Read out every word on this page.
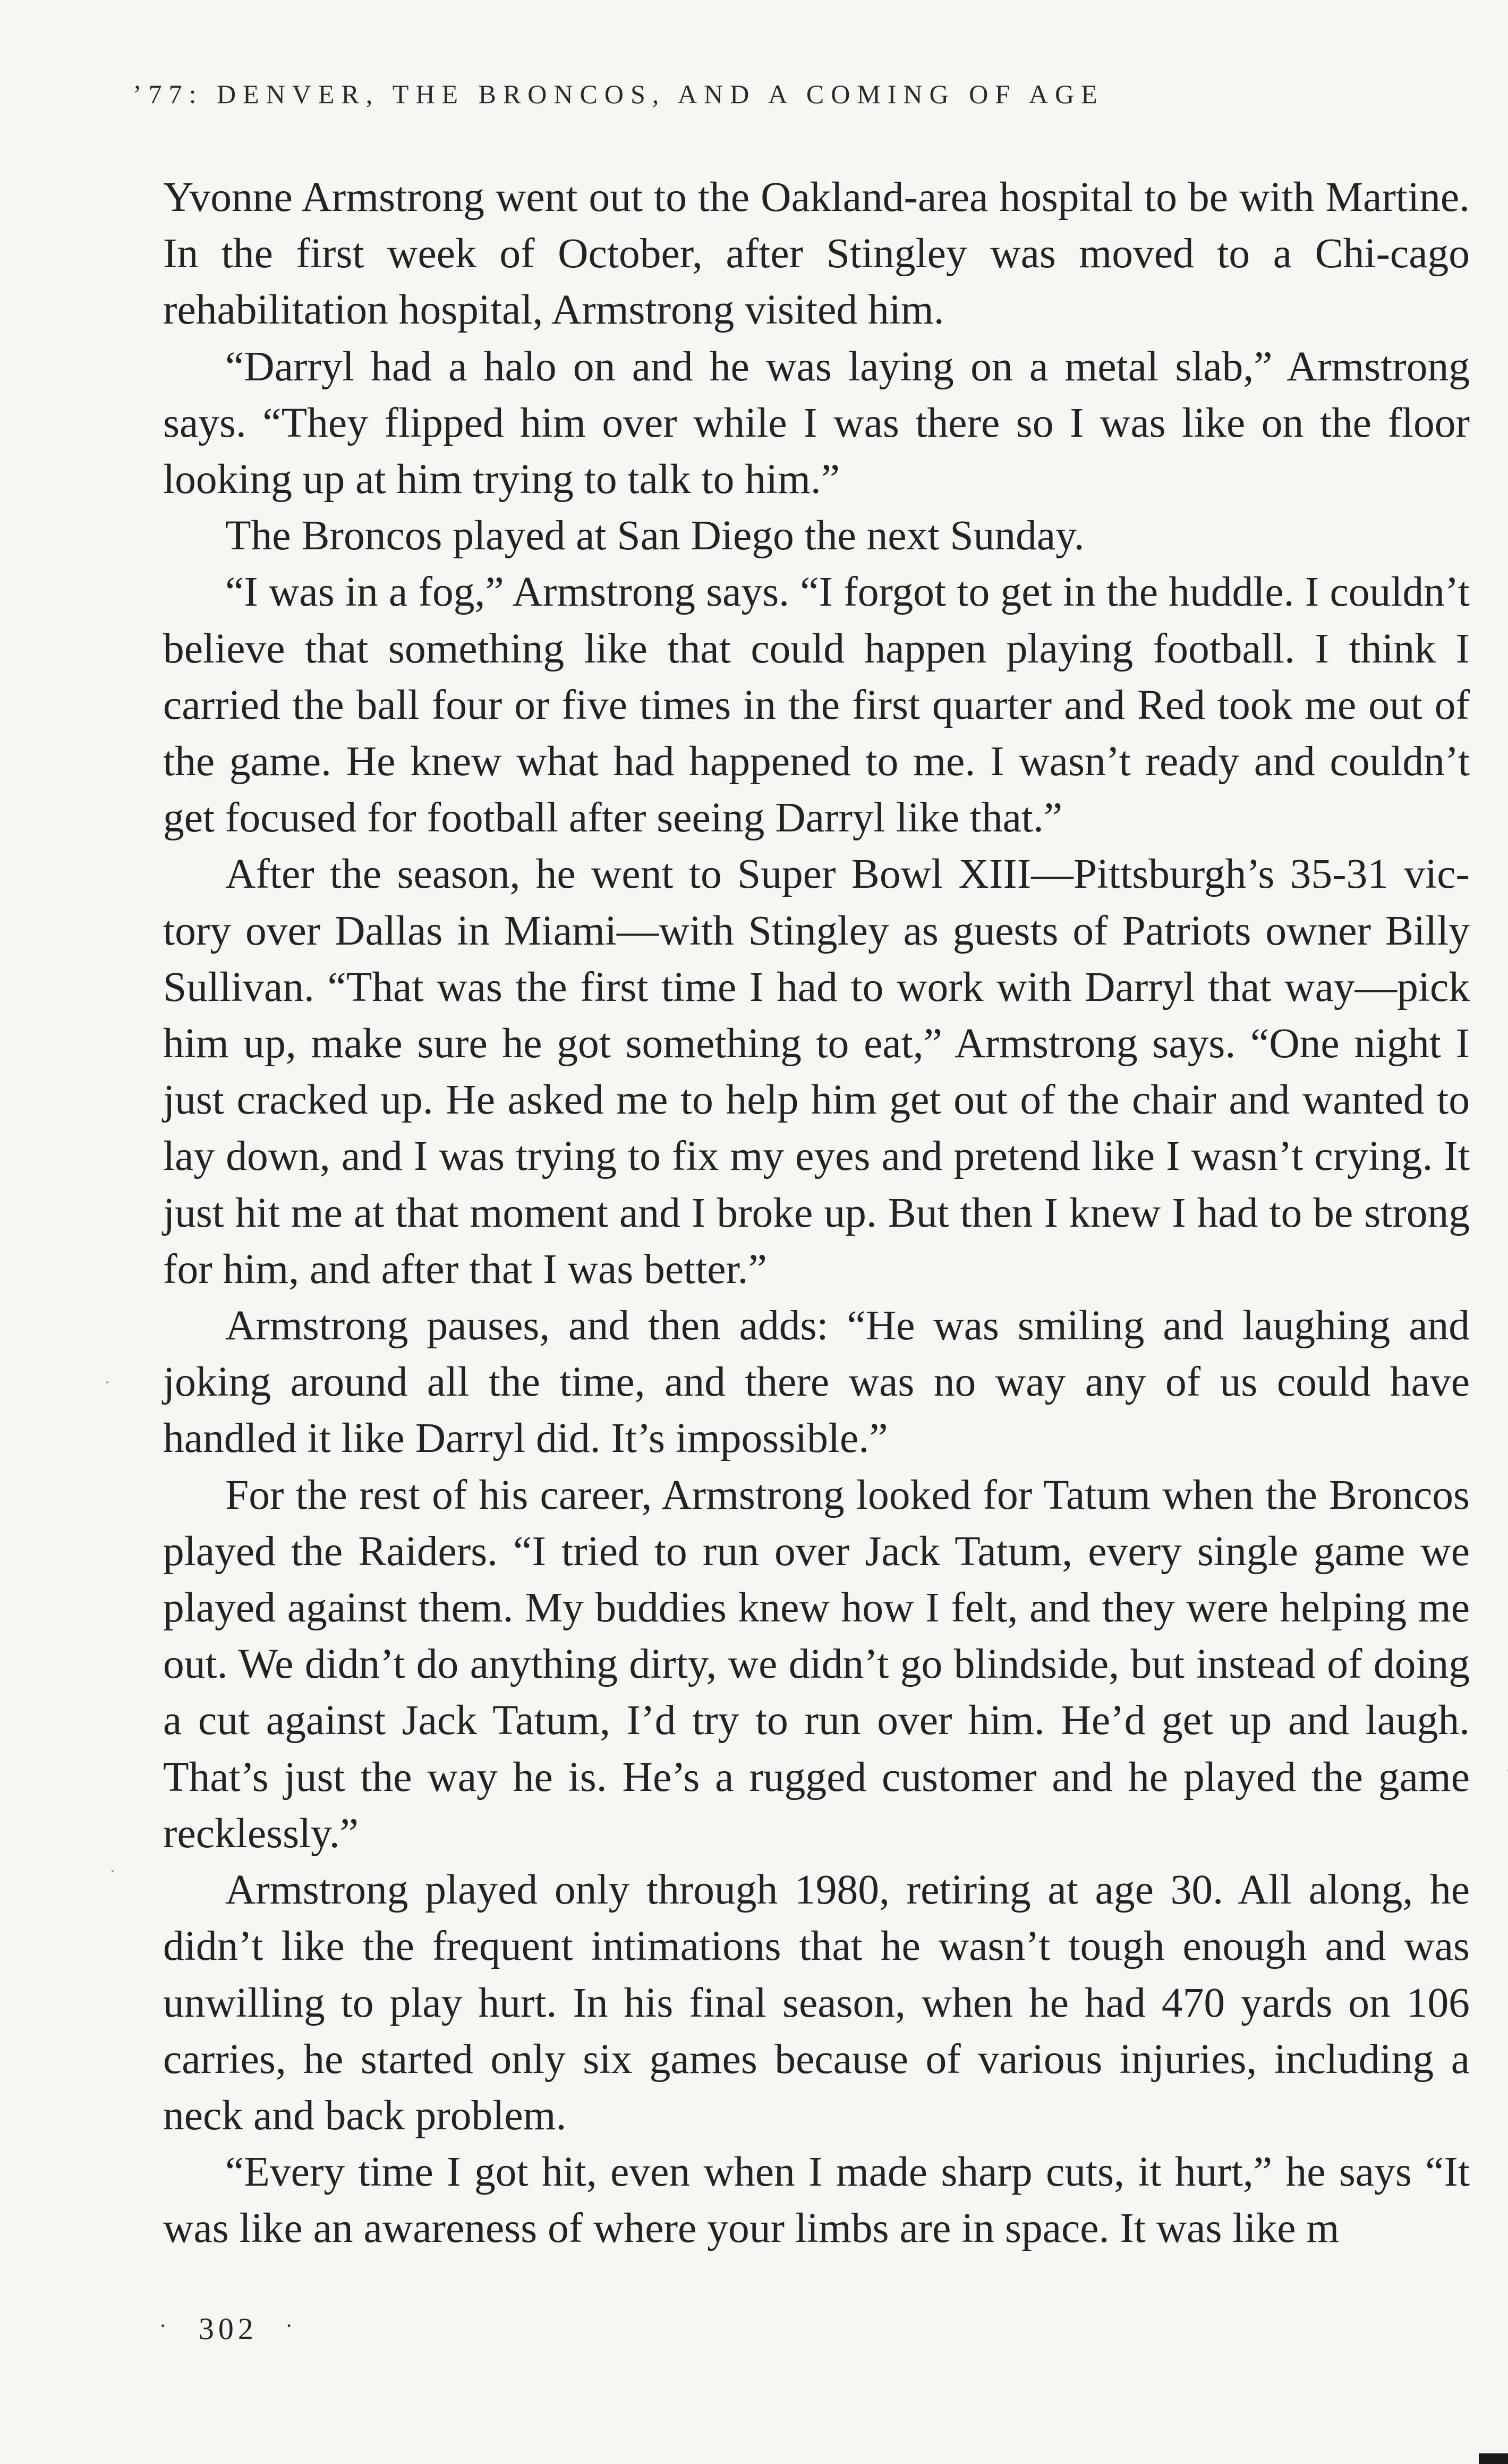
’77: DENVER, THE BRONCOS, AND A COMING OF AGE

Yvonne Armstrong went out to the Oakland-area hospital to be with Martine. In the first week of October, after Stingley was moved to a Chi-cago rehabilitation hospital, Armstrong visited him.

“Darryl had a halo on and he was laying on a metal slab,” Armstrong says. “They flipped him over while I was there so I was like on the floor looking up at him trying to talk to him.”

The Broncos played at San Diego the next Sunday.

“I was in a fog,” Armstrong says. “I forgot to get in the huddle. I couldn’t believe that something like that could happen playing football. I think I carried the ball four or five times in the first quarter and Red took me out of the game. He knew what had happened to me. I wasn’t ready and couldn’t get focused for football after seeing Darryl like that.”

After the season, he went to Super Bowl XIII—Pittsburgh’s 35-31 victory over Dallas in Miami—with Stingley as guests of Patriots owner Billy Sullivan. “That was the first time I had to work with Darryl that way—pick him up, make sure he got something to eat,” Armstrong says. “One night I just cracked up. He asked me to help him get out of the chair and wanted to lay down, and I was trying to fix my eyes and pretend like I wasn’t crying. It just hit me at that moment and I broke up. But then I knew I had to be strong for him, and after that I was better.”

Armstrong pauses, and then adds: “He was smiling and laughing and joking around all the time, and there was no way any of us could have handled it like Darryl did. It’s impossible.”

For the rest of his career, Armstrong looked for Tatum when the Broncos played the Raiders. “I tried to run over Jack Tatum, every single game we played against them. My buddies knew how I felt, and they were helping me out. We didn’t do anything dirty, we didn’t go blindside, but instead of doing a cut against Jack Tatum, I’d try to run over him. He’d get up and laugh. That’s just the way he is. He’s a rugged customer and he played the game recklessly.”

Armstrong played only through 1980, retiring at age 30. All along, he didn’t like the frequent intimations that he wasn’t tough enough and was unwilling to play hurt. In his final season, when he had 470 yards on 106 carries, he started only six games because of various injuries, including a neck and back problem.

“Every time I got hit, even when I made sharp cuts, it hurt,” he says “It was like an awareness of where your limbs are in space. It was like m

· 302 ·
